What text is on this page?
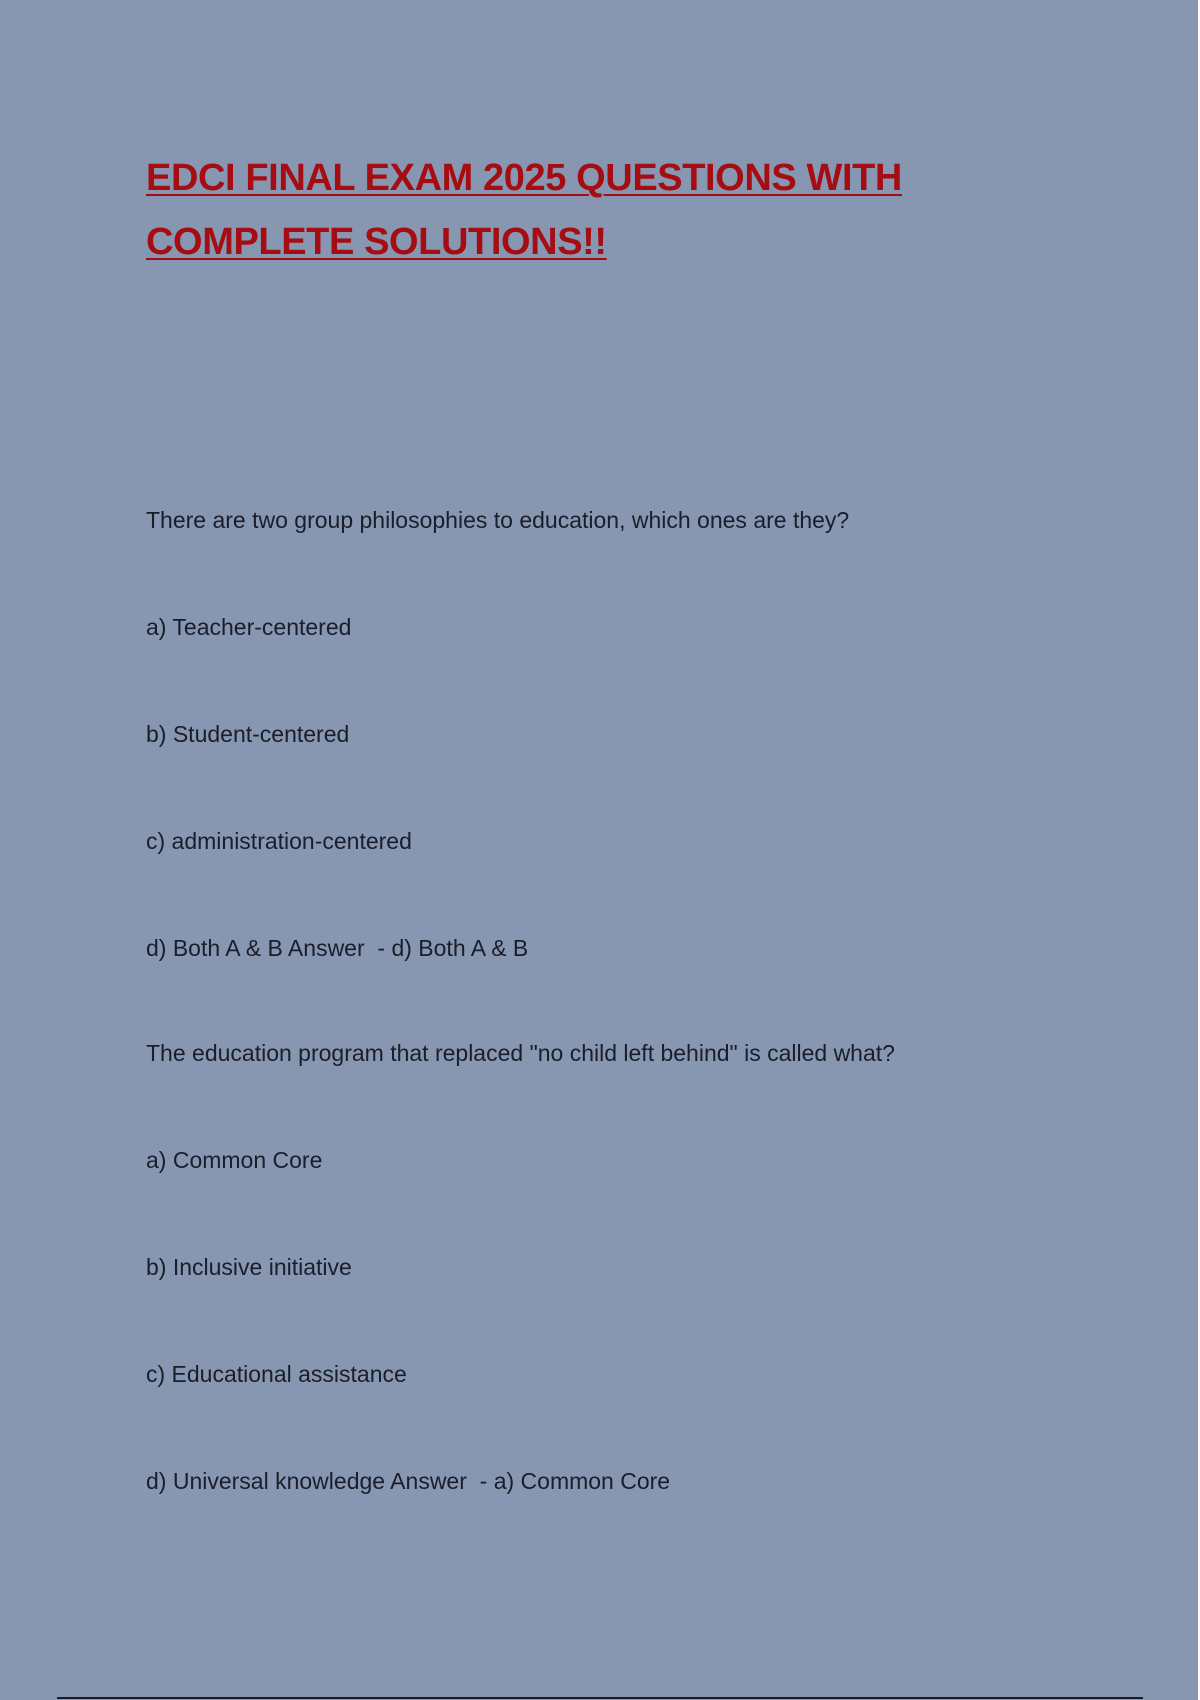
EDCI FINAL EXAM 2025 QUESTIONS WITH
COMPLETE SOLUTIONS!!

There are two group philosophies to education, which ones are they?

a) Teacher-centered

b) Student-centered

c) administration-centered

d) Both A & B Answer  - d) Both A & B

The education program that replaced "no child left behind" is called what?

a) Common Core

b) Inclusive initiative

c) Educational assistance

d) Universal knowledge Answer  - a) Common Core
